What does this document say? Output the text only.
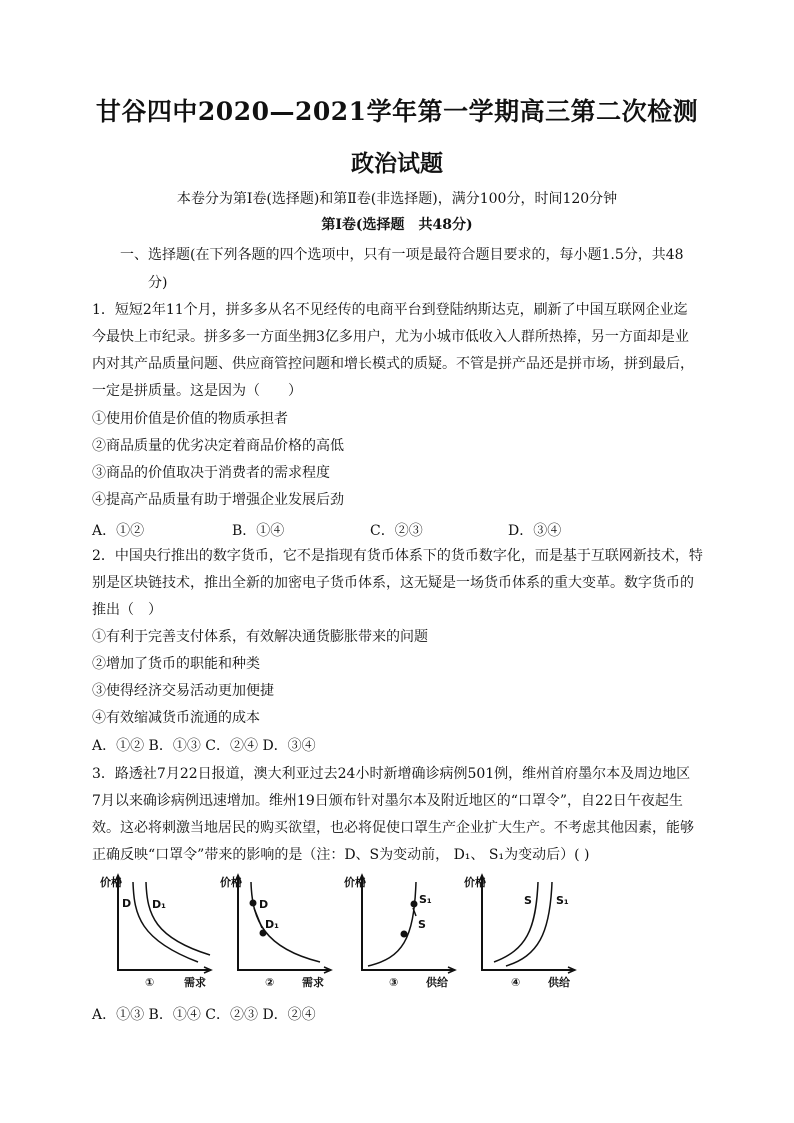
甘谷四中2020—2021学年第一学期高三第二次检测
政治试题
本卷分为第Ⅰ卷(选择题)和第Ⅱ卷(非选择题)，满分100分，时间120分钟
第Ⅰ卷(选择题　共48分)
一、选择题(在下列各题的四个选项中，只有一项是最符合题目要求的，每小题1.5分，共48
分)
1．短短2年11个月，拼多多从名不见经传的电商平台到登陆纳斯达克，刷新了中国互联网企业迄
今最快上市纪录。拼多多一方面坐拥3亿多用户，尤为小城市低收入人群所热捧，另一方面却是业
内对其产品质量问题、供应商管控问题和增长模式的质疑。不管是拼产品还是拼市场，拼到最后，
一定是拼质量。这是因为（　　）
①使用价值是价值的物质承担者
②商品质量的优劣决定着商品价格的高低
③商品的价值取决于消费者的需求程度
④提高产品质量有助于增强企业发展后劲
A．①②	B．①④	C．②③	D．③④
2．中国央行推出的数字货币，它不是指现有货币体系下的货币数字化，而是基于互联网新技术，特
别是区块链技术，推出全新的加密电子货币体系，这无疑是一场货币体系的重大变革。数字货币的
推出（　）
①有利于完善支付体系，有效解决通货膨胀带来的问题
②增加了货币的职能和种类
③使得经济交易活动更加便捷
④有效缩减货币流通的成本
A．①② B．①③ C．②④ D．③④
3．路透社7月22日报道，澳大利亚过去24小时新增确诊病例501例，维州首府墨尔本及周边地区
7月以来确诊病例迅速增加。维州19日颁布针对墨尔本及附近地区的“口罩令”，自22日午夜起生
效。这必将刺激当地居民的购买欲望，也必将促使口罩生产企业扩大生产。不考虑其他因素，能够
正确反映“口罩令”带来的影响的是（注：D、S为变动前， D₁、 S₁为变动后）( )
价格
D D₁
需求
①
价格
D
D₁
需求
②
价格
S₁
S
供给
③
价格
S S₁
供给
④
A．①③ B．①④ C．②③ D．②④
